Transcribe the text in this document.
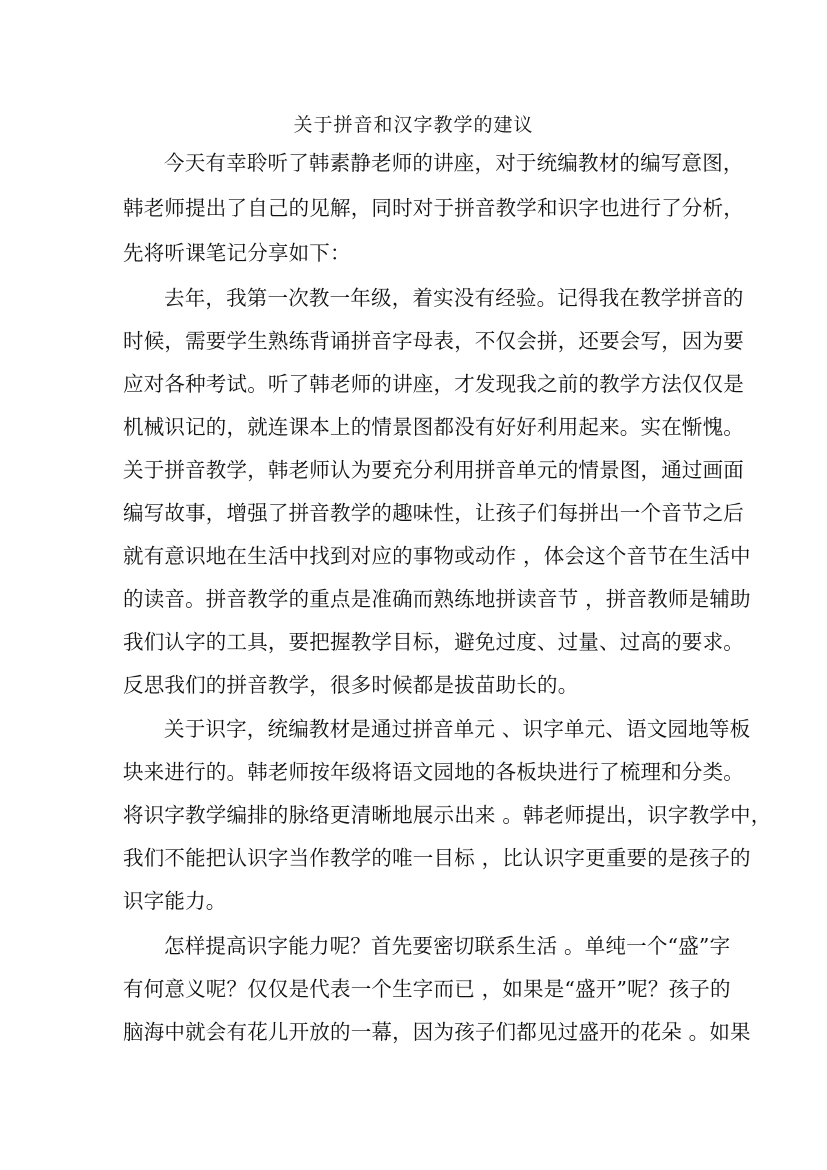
关于拼音和汉字教学的建议
今天有幸聆听了韩素静老师的讲座，对于统编教材的编写意图，
韩老师提出了自己的见解，同时对于拼音教学和识字也进行了分析，
先将听课笔记分享如下：
去年，我第一次教一年级，着实没有经验。记得我在教学拼音的
时候，需要学生熟练背诵拼音字母表，不仅会拼，还要会写，因为要
应对各种考试。听了韩老师的讲座，才发现我之前的教学方法仅仅是
机械识记的，就连课本上的情景图都没有好好利用起来。实在惭愧。
关于拼音教学，韩老师认为要充分利用拼音单元的情景图，通过画面
编写故事，增强了拼音教学的趣味性，让孩子们每拼出一个音节之后
就有意识地在生活中找到对应的事物或动作 ，体会这个音节在生活中
的读音。拼音教学的重点是准确而熟练地拼读音节 ，拼音教师是辅助
我们认字的工具，要把握教学目标，避免过度、过量、过高的要求。
反思我们的拼音教学，很多时候都是拔苗助长的。
关于识字，统编教材是通过拼音单元 、识字单元、语文园地等板
块来进行的。韩老师按年级将语文园地的各板块进行了梳理和分类。
将识字教学编排的脉络更清晰地展示出来 。韩老师提出，识字教学中，
我们不能把认识字当作教学的唯一目标 ，比认识字更重要的是孩子的
识字能力。
怎样提高识字能力呢？首先要密切联系生活 。单纯一个“盛”字
有何意义呢？仅仅是代表一个生字而已 ，如果是“盛开”呢？孩子的
脑海中就会有花儿开放的一幕，因为孩子们都见过盛开的花朵 。如果
